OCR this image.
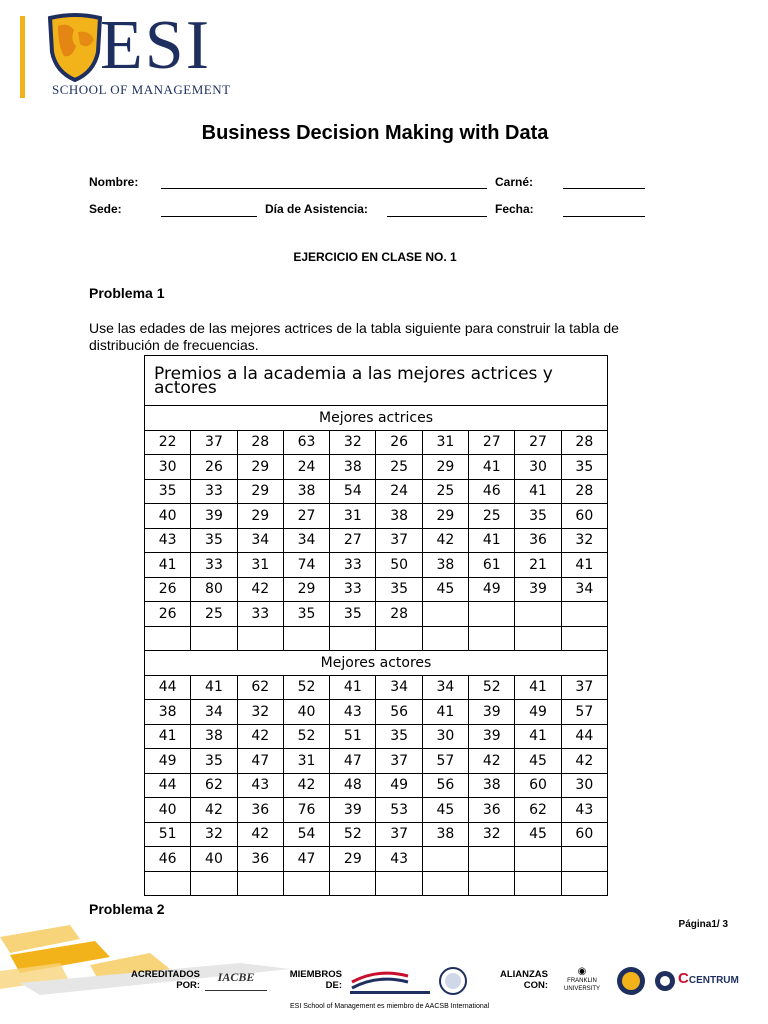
ESI
SCHOOL OF MANAGEMENT
Business Decision Making with Data
Nombre:	Carné:
Sede:	Día de Asistencia:	Fecha:
EJERCICIO EN CLASE NO. 1
Problema 1
Use las edades de las mejores actrices de la tabla siguiente para construir la tabla de distribución de frecuencias.
Premios a la academia a las mejores actrices y actores									
Mejores actrices									
22	37	28	63	32	26	31	27	27	28
30	26	29	24	38	25	29	41	30	35
35	33	29	38	54	24	25	46	41	28
40	39	29	27	31	38	29	25	35	60
43	35	34	34	27	37	42	41	36	32
41	33	31	74	33	50	38	61	21	41
26	80	42	29	33	35	45	49	39	34
26	25	33	35	35	28				

Mejores actores									
44	41	62	52	41	34	34	52	41	37
38	34	32	40	43	56	41	39	49	57
41	38	42	52	51	35	30	39	41	44
49	35	47	31	47	37	57	42	45	42
44	62	43	42	48	49	56	38	60	30
40	42	36	76	39	53	45	36	62	43
51	32	42	54	52	37	38	32	45	60
46	40	36	47	29	43				

Problema 2
Página1/ 3
ACREDITADOS
POR:
IACBE	MIEMBROS
DE:
ALIANZAS
CON:
◉
FRANKLIN UNIVERSITY
CCENTRUM
ESI School of Management es miembro de AACSB International
